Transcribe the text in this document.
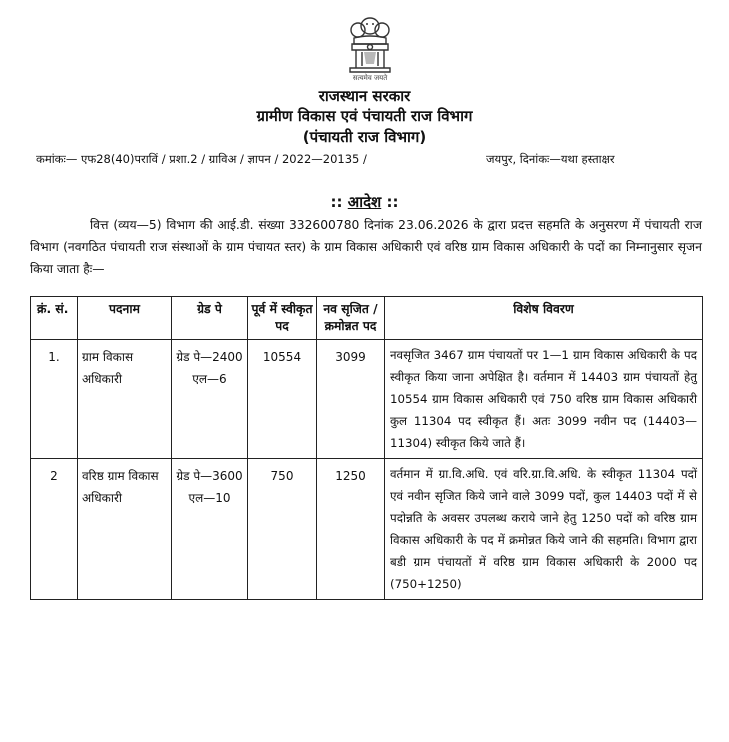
सत्यमेव जयते
राजस्थान सरकार
ग्रामीण विकास एवं पंचायती राज विभाग
(पंचायती राज विभाग)
कमांकः— एफ28(40)पराविं / प्रशा.2 / ग्राविअ / ज्ञापन / 2022—20135 /	जयपुर, दिनांकः—यथा हस्ताक्षर
:: आदेश ::
वित्त (व्यय—5) विभाग की आई.डी. संख्या 332600780 दिनांक 23.06.2026 के द्वारा प्रदत्त सहमति के अनुसरण में पंचायती राज विभाग (नवगठित पंचायती राज संस्थाओं के ग्राम पंचायत स्तर) के ग्राम विकास अधिकारी एवं वरिष्ठ ग्राम विकास अधिकारी के पदों का निम्नानुसार सृजन किया जाता हैः—
क्रं. सं.	पदनाम	ग्रेड पे	पूर्व में स्वीकृत पद	नव सृजित / क्रमोन्नत पद	विशेष विवरण
1.	ग्राम विकास अधिकारी	ग्रेड पे—2400 एल—6	10554	3099	नवसृजित 3467 ग्राम पंचायतों पर 1—1 ग्राम विकास अधिकारी के पद स्वीकृत किया जाना अपेक्षित है। वर्तमान में 14403 ग्राम पंचायतों हेतु 10554 ग्राम विकास अधिकारी एवं 750 वरिष्ठ ग्राम विकास अधिकारी कुल 11304 पद स्वीकृत हैं। अतः 3099 नवीन पद (14403—11304) स्वीकृत किये जाते हैं।
2	वरिष्ठ ग्राम विकास अधिकारी	ग्रेड पे—3600 एल—10	750	1250	वर्तमान में ग्रा.वि.अधि. एवं वरि.ग्रा.वि.अधि. के स्वीकृत 11304 पदों एवं नवीन सृजित किये जाने वाले 3099 पदों, कुल 14403 पदों में से पदोन्नति के अवसर उपलब्ध कराये जाने हेतु 1250 पदों को वरिष्ठ ग्राम विकास अधिकारी के पद में क्रमोन्नत किये जाने की सहमति। विभाग द्वारा बडी ग्राम पंचायतों में वरिष्ठ ग्राम विकास अधिकारी के 2000 पद (750+1250)
